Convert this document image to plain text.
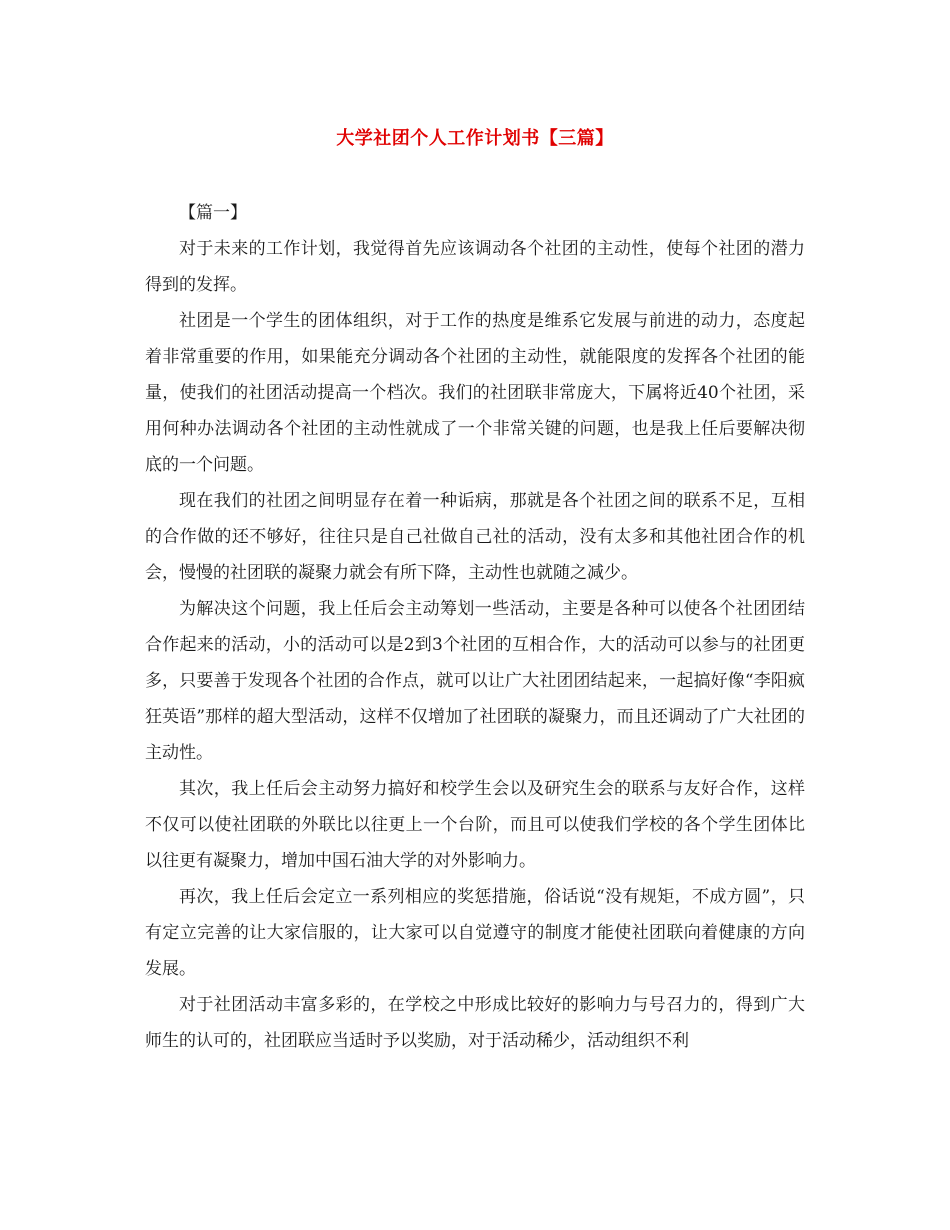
大学社团个人工作计划书【三篇】

【篇一】

对于未来的工作计划，我觉得首先应该调动各个社团的主动性，使每个社团的潜力得到的发挥。

社团是一个学生的团体组织，对于工作的热度是维系它发展与前进的动力，态度起着非常重要的作用，如果能充分调动各个社团的主动性，就能限度的发挥各个社团的能量，使我们的社团活动提高一个档次。我们的社团联非常庞大，下属将近40个社团，采用何种办法调动各个社团的主动性就成了一个非常关键的问题，也是我上任后要解决彻底的一个问题。

现在我们的社团之间明显存在着一种诟病，那就是各个社团之间的联系不足，互相的合作做的还不够好，往往只是自己社做自己社的活动，没有太多和其他社团合作的机会，慢慢的社团联的凝聚力就会有所下降，主动性也就随之减少。

为解决这个问题，我上任后会主动筹划一些活动，主要是各种可以使各个社团团结合作起来的活动，小的活动可以是2到3个社团的互相合作，大的活动可以参与的社团更多，只要善于发现各个社团的合作点，就可以让广大社团团结起来，一起搞好像“李阳疯狂英语”那样的超大型活动，这样不仅增加了社团联的凝聚力，而且还调动了广大社团的主动性。

其次，我上任后会主动努力搞好和校学生会以及研究生会的联系与友好合作，这样不仅可以使社团联的外联比以往更上一个台阶，而且可以使我们学校的各个学生团体比以往更有凝聚力，增加中国石油大学的对外影响力。

再次，我上任后会定立一系列相应的奖惩措施，俗话说“没有规矩，不成方圆”，只有定立完善的让大家信服的，让大家可以自觉遵守的制度才能使社团联向着健康的方向发展。

对于社团活动丰富多彩的，在学校之中形成比较好的影响力与号召力的，得到广大师生的认可的，社团联应当适时予以奖励，对于活动稀少，活动组织不利
